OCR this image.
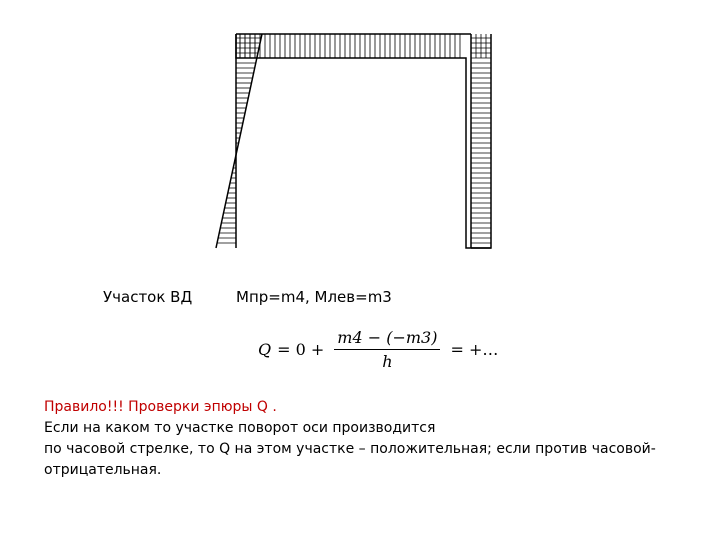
Участок ВД	Мпр=m4, Млев=m3
$Q = 0 + \frac{m4 - (-m3)}{h}$ = +…
Правило!!! Проверки эпюры Q .
Если на каком то участке поворот оси производится
по часовой стрелке, то Q на этом участке – положительная; если против часовой-
отрицательная.
